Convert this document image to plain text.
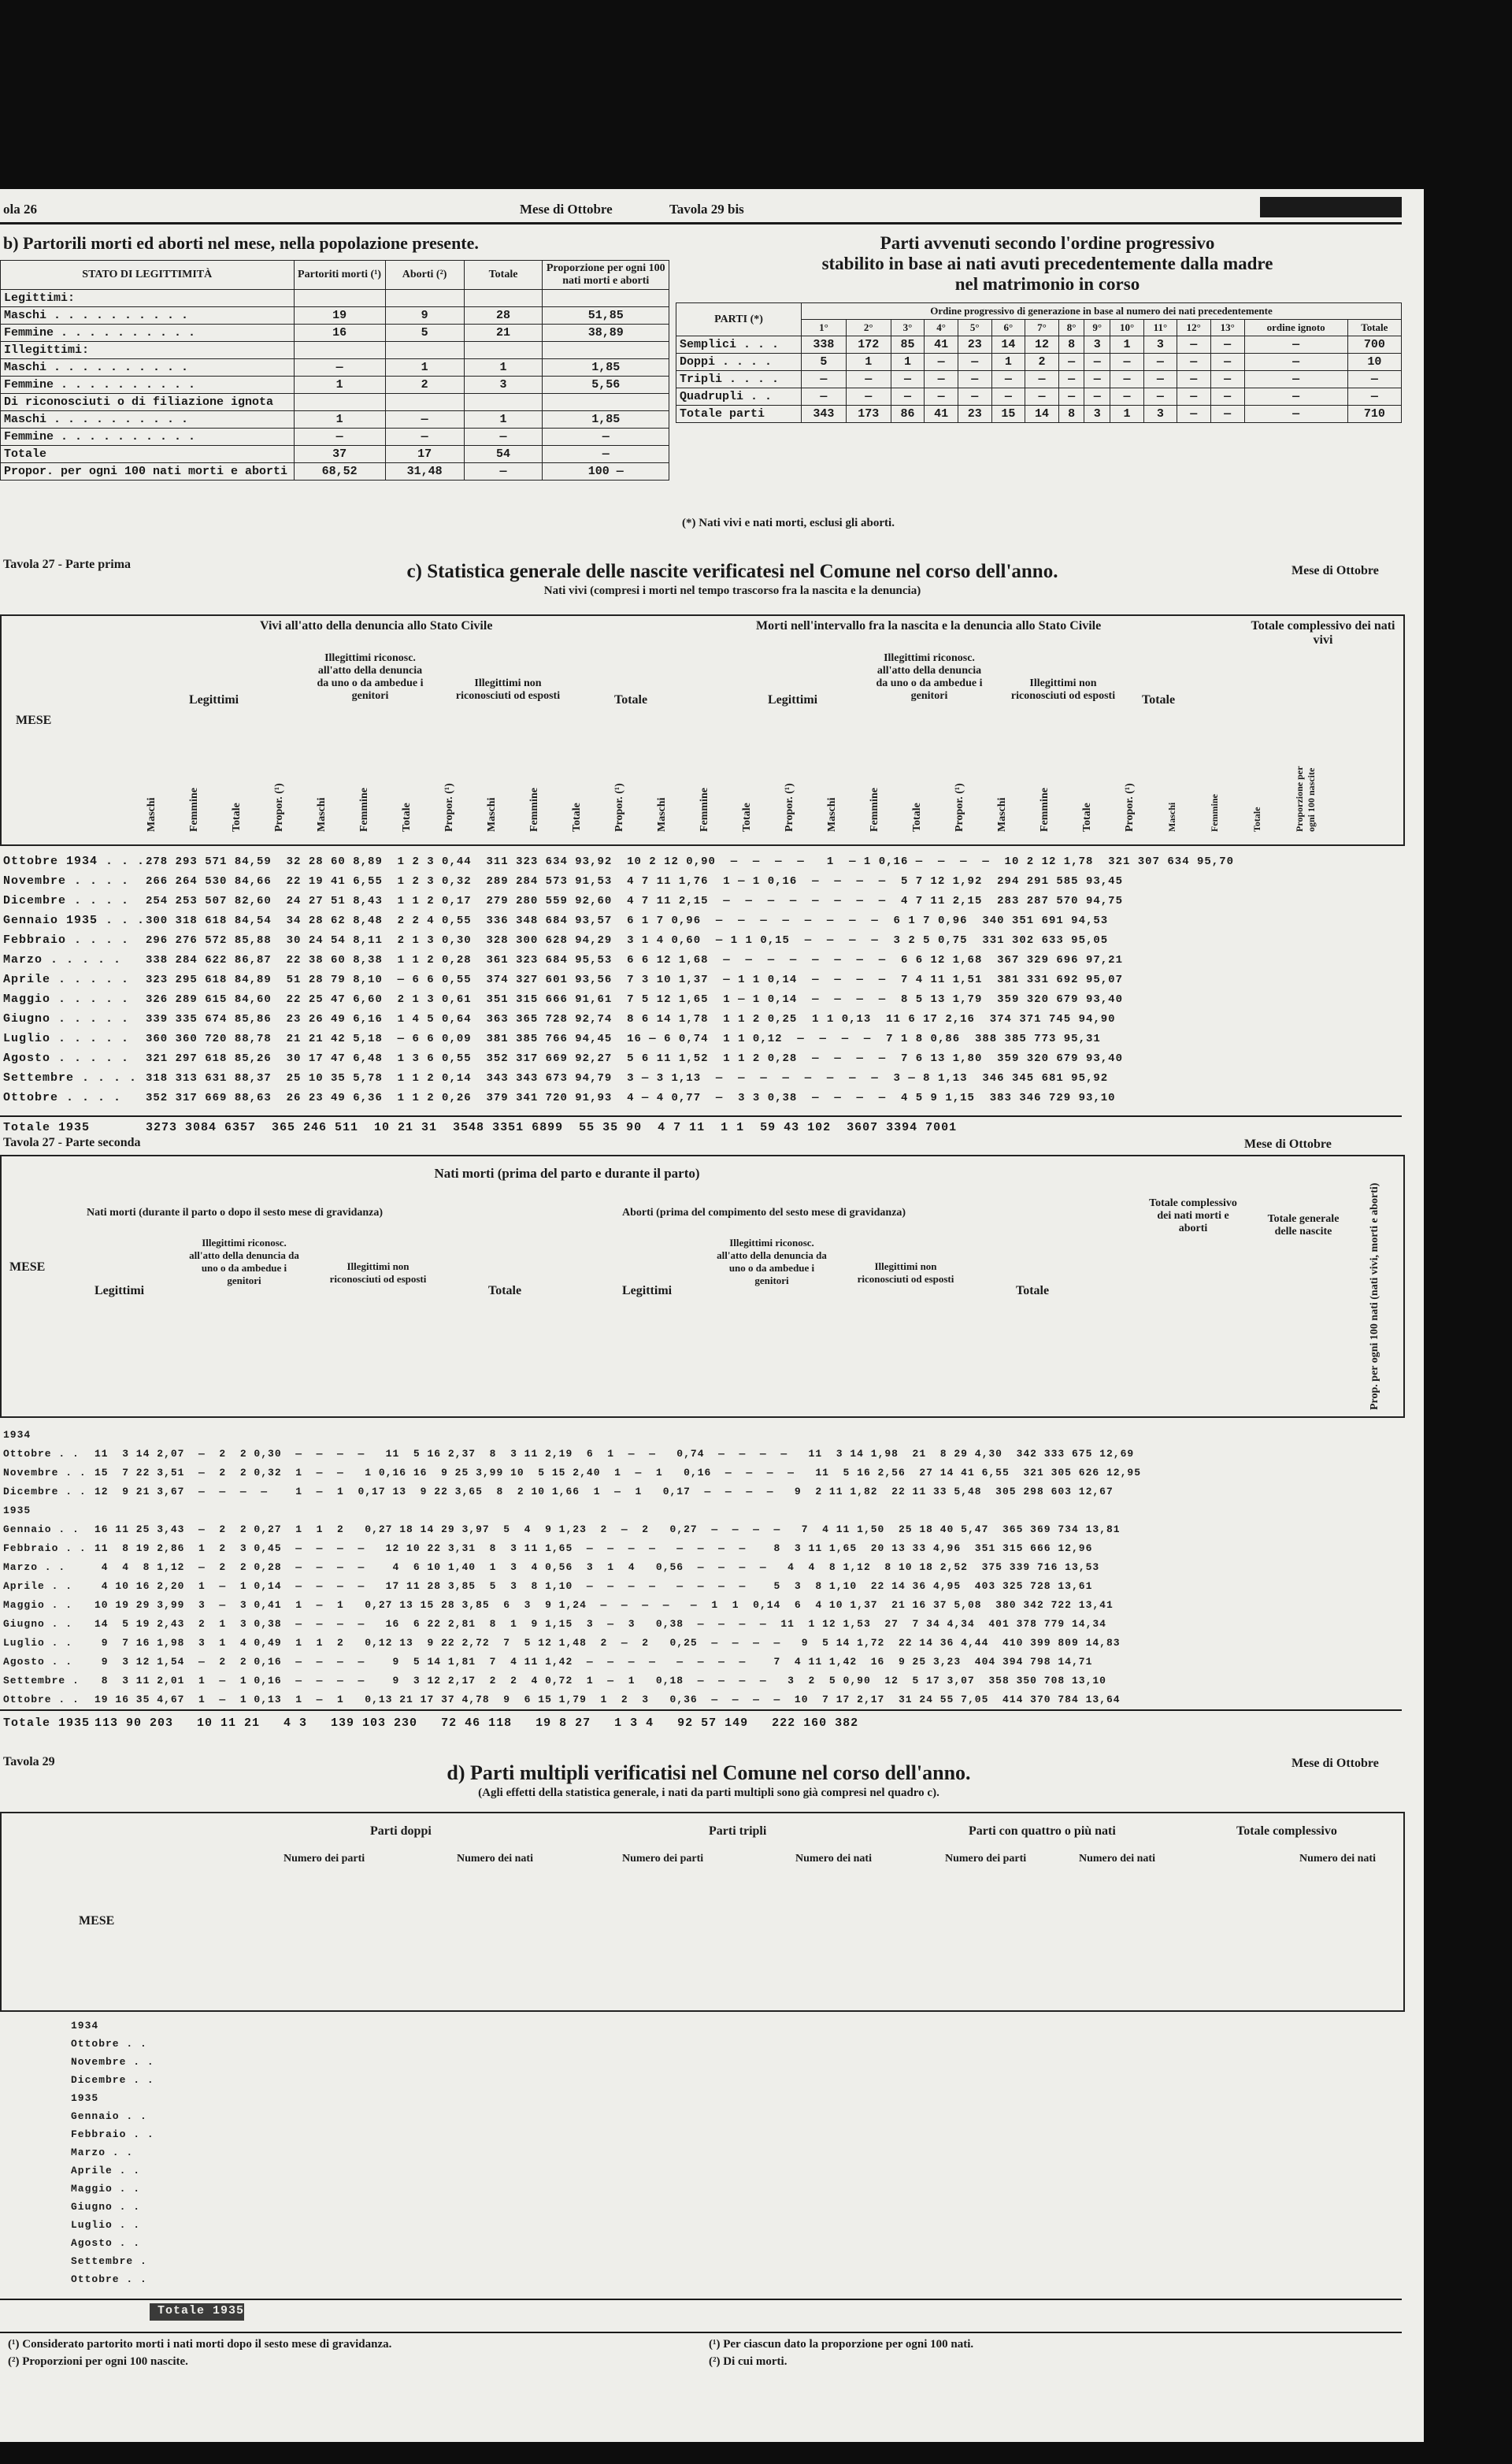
ola 26	Mese di Ottobre	Tavola 29 bis
b) Partorili morti ed aborti nel mese, nella popolazione presente.
STATO DI LEGITTIMITÀ	Partoriti morti (¹)	Aborti (²)	Totale	Proporzione per ogni 100 nati morti e aborti
Legittimi:				
Maschi . . . . . . . . . .	19	9	28	51,85
Femmine . . . . . . . . . .	16	5	21	38,89
Illegittimi:				
Maschi . . . . . . . . . .	—	1	1	1,85
Femmine . . . . . . . . . .	1	2	3	5,56
Di riconosciuti o di filiazione ignota				
Maschi . . . . . . . . . .	1	—	1	1,85
Femmine . . . . . . . . . .	—	—	—	—
Totale	37	17	54	—
Propor. per ogni 100 nati morti e aborti	68,52	31,48	—	100 —
Parti avvenuti secondo l'ordine progressivo
stabilito in base ai nati avuti precedentemente dalla madre
nel matrimonio in corso
PARTI (*)	Ordine progressivo di generazione in base al numero dei nati precedentemente														
	1°	2°	3°	4°	5°	6°	7°	8°	9°	10°	11°	12°	13°	ordine ignoto	Totale
Semplici . . .	338	172	85	41	23	14	12	8	3	1	3	—	—	—	700
Doppi . . . .	5	1	1	—	—	1	2	—	—	—	—	—	—	—	10
Tripli . . . .	—	—	—	—	—	—	—	—	—	—	—	—	—	—	—
Quadrupli . .	—	—	—	—	—	—	—	—	—	—	—	—	—	—	—
Totale parti	343	173	86	41	23	15	14	8	3	1	3	—	—	—	710
(*) Nati vivi e nati morti, esclusi gli aborti.
Tavola 27 - Parte prima	c) Statistica generale delle nascite verificatesi nel Comune nel corso dell'anno.
Nati vivi (compresi i morti nel tempo trascorso fra la nascita e la denuncia)
Mese di Ottobre
Vivi all'atto della denuncia allo Stato Civile	Morti nell'intervallo fra la nascita e la denuncia allo Stato Civile	Totale complessivo dei nati vivi
MESE
Legittimi
Illegittimi riconosc. all'atto della denuncia da uno o da ambedue i genitori
Illegittimi non riconosciuti od esposti	Totale	Legittimi
Illegittimi riconosc. all'atto della denuncia da uno o da ambedue i genitori
Illegittimi non riconosciuti od esposti Totale
Maschi	Femmine	Totale	Propor. (¹)	Maschi	Femmine	Totale	Propor. (¹)	Maschi	Femmine	Totale	Propor. (¹)	Maschi	Femmine	Totale	Propor. (¹)	Maschi	Femmine	Totale	Propor. (¹)	Maschi	Femmine	Totale	Propor. (¹)	Maschi	Femmine	Totale	Proporzione per ogni 100 nascite
Ottobre 1934 . . . 278 293 571 84,59  32 28 60 8,89  1 2 3 0,44  311 323 634 93,92  10 2 12 0,90  —  —  —  —   1  — 1 0,16 —  —  —  —  10 2 12 1,78  321 307 634 95,70
Novembre . . . . 266 264 530 84,66  22 19 41 6,55  1 2 3 0,32  289 284 573 91,53  4 7 11 1,76  1 — 1 0,16  —  —  —  —  5 7 12 1,92  294 291 585 93,45
Dicembre . . . . 254 253 507 82,60  24 27 51 8,43  1 1 2 0,17  279 280 559 92,60  4 7 11 2,15  —  —  —  —  —  —  —  —  4 7 11 2,15  283 287 570 94,75
Gennaio 1935 . . . 300 318 618 84,54  34 28 62 8,48  2 2 4 0,55  336 348 684 93,57  6 1 7 0,96  —  —  —  —  —  —  —  —  6 1 7 0,96  340 351 691 94,53
Febbraio . . . . 296 276 572 85,88  30 24 54 8,11  2 1 3 0,30  328 300 628 94,29  3 1 4 0,60  — 1 1 0,15  —  —  —  —  3 2 5 0,75  331 302 633 95,05
Marzo . . . . . 338 284 622 86,87  22 38 60 8,38  1 1 2 0,28  361 323 684 95,53  6 6 12 1,68  —  —  —  —  —  —  —  —  6 6 12 1,68  367 329 696 97,21
Aprile . . . . . 323 295 618 84,89  51 28 79 8,10  — 6 6 0,55  374 327 601 93,56  7 3 10 1,37  — 1 1 0,14  —  —  —  —  7 4 11 1,51  381 331 692 95,07
Maggio . . . . . 326 289 615 84,60  22 25 47 6,60  2 1 3 0,61  351 315 666 91,61  7 5 12 1,65  1 — 1 0,14  —  —  —  —  8 5 13 1,79  359 320 679 93,40
Giugno . . . . . 339 335 674 85,86  23 26 49 6,16  1 4 5 0,64  363 365 728 92,74  8 6 14 1,78  1 1 2 0,25  1 1 0,13  11 6 17 2,16  374 371 745 94,90
Luglio . . . . . 360 360 720 88,78  21 21 42 5,18  — 6 6 0,09  381 385 766 94,45  16 — 6 0,74  1 1 0,12  —  —  —  —  7 1 8 0,86  388 385 773 95,31
Agosto . . . . . 321 297 618 85,26  30 17 47 6,48  1 3 6 0,55  352 317 669 92,27  5 6 11 1,52  1 1 2 0,28  —  —  —  —  7 6 13 1,80  359 320 679 93,40
Settembre . . . . 318 313 631 88,37  25 10 35 5,78  1 1 2 0,14  343 343 673 94,79  3 — 3 1,13  —  —  —  —  —  —  —  —  3 — 8 1,13  346 345 681 95,92
Ottobre . . . . 352 317 669 88,63  26 23 49 6,36  1 1 2 0,26  379 341 720 91,93  4 — 4 0,77  —  3 3 0,38  —  —  —  —  4 5 9 1,15  383 346 729 93,10
Totale 1935	3273 3084 6357  365 246 511  10 21 31  3548 3351 6899  55 35 90  4 7 11  1 1  59 43 102  3607 3394 7001
Tavola 27 - Parte seconda	Mese di Ottobre
Nati morti (prima del parto e durante il parto)
Nati morti (durante il parto o dopo il sesto mese di gravidanza)	Aborti (prima del compimento del sesto mese di gravidanza)
Totale complessivo dei nati morti e aborti
Totale generale delle nascite	Prop. per ogni 100 nati (nati vivi, morti e aborti)
MESE
Legittimi
Illegittimi riconosc. all'atto della denuncia da uno o da ambedue i genitori
Illegittimi non riconosciuti od esposti
Totale	Legittimi
Illegittimi riconosc. all'atto della denuncia da uno o da ambedue i genitori
Illegittimi non riconosciuti od esposti
Totale
1934
Ottobre . . 11  3 14 2,07  —  2  2 0,30  —  —  —  —   11  5 16 2,37  8  3 11 2,19  6  1  —  —   0,74  —  —  —  —   11  3 14 1,98  21  8 29 4,30  342 333 675 12,69
Novembre . . 15  7 22 3,51  —  2  2 0,32  1  —  —   1 0,16 16  9 25 3,99 10  5 15 2,40  1  —  1   0,16  —  —  —  —   11  5 16 2,56  27 14 41 6,55  321 305 626 12,95
Dicembre . . 12  9 21 3,67  —  —  —  —    1  —  1  0,17 13  9 22 3,65  8  2 10 1,66  1  —  1   0,17  —  —  —  —   9  2 11 1,82  22 11 33 5,48  305 298 603 12,67
1935
Gennaio . . 16 11 25 3,43  —  2  2 0,27  1  1  2   0,27 18 14 29 3,97  5  4  9 1,23  2  —  2   0,27  —  —  —  —   7  4 11 1,50  25 18 40 5,47  365 369 734 13,81
Febbraio . . 11  8 19 2,86  1  2  3 0,45  —  —  —  —   12 10 22 3,31  8  3 11 1,65  —  —  —  —   —  —  —  —    8  3 11 1,65  20 13 33 4,96  351 315 666 12,96
Marzo . .	4  4  8 1,12  —  2  2 0,28  —  —  —  —    4  6 10 1,40  1  3  4 0,56  3  1  4   0,56  —  —  —  —   4  4  8 1,12  8 10 18 2,52  375 339 716 13,53
Aprile . . 4 10 16 2,20  1  —  1 0,14  —  —  —  —   17 11 28 3,85  5  3  8 1,10  —  —  —  —   —  —  —  —    5  3  8 1,10  22 14 36 4,95  403 325 728 13,61
Maggio . . 10 19 29 3,99  3  —  3 0,41  1  —  1   0,27 13 15 28 3,85  6  3  9 1,24  —  —  —  —   —  1  1  0,14  6  4 10 1,37  21 16 37 5,08  380 342 722 13,41
Giugno . . 14  5 19 2,43  2  1  3 0,38  —  —  —  —   16  6 22 2,81  8  1  9 1,15  3  —  3   0,38  —  —  —  —  11  1 12 1,53  27  7 34 4,34  401 378 779 14,34
Luglio . . 9  7 16 1,98  3  1  4 0,49  1  1  2   0,12 13  9 22 2,72  7  5 12 1,48  2  —  2   0,25  —  —  —  —   9  5 14 1,72  22 14 36 4,44  410 399 809 14,83
Agosto . . 9  3 12 1,54  —  2  2 0,16  —  —  —  —    9  5 14 1,81  7  4 11 1,42  —  —  —  —   —  —  —  —    7  4 11 1,42  16  9 25 3,23  404 394 798 14,71
Settembre . 8  3 11 2,01  1  —  1 0,16  —  —  —  —    9  3 12 2,17  2  2  4 0,72  1  —  1   0,18  —  —  —  —   3  2  5 0,90  12  5 17 3,07  358 350 708 13,10
Ottobre . . 19 16 35 4,67  1  —  1 0,13  1  —  1   0,13 21 17 37 4,78  9  6 15 1,79  1  2  3   0,36  —  —  —  —  10  7 17 2,17  31 24 55 7,05  414 370 784 13,64
Totale 1935 113 90 203   10 11 21   4 3   139 103 230   72 46 118   19 8 27   1 3 4   92 57 149   222 160 382
Tavola 29	Mese di Ottobre
d) Parti multipli verificatisi nel Comune nel corso dell'anno.
(Agli effetti della statistica generale, i nati da parti multipli sono già compresi nel quadro c).
Parti doppi	Parti tripli	Parti con quattro o più nati	Totale complessivo
Numero dei parti	Numero dei nati	Numero dei parti	Numero dei nati	Numero dei parti	Numero dei nati	Numero dei nati
MESE
1934
Ottobre . .
Novembre . .
Dicembre . .
1935
Gennaio . .
Febbraio . .
Marzo . .
Aprile . .
Maggio . .
Giugno . .
Luglio . .
Agosto . .
Settembre .
Ottobre . .
Totale 1935
(¹) Considerato partorito morti i nati morti dopo il sesto mese di gravidanza.
(²) Proporzioni per ogni 100 nascite.
(¹) Per ciascun dato la proporzione per ogni 100 nati.
(²) Di cui morti.
